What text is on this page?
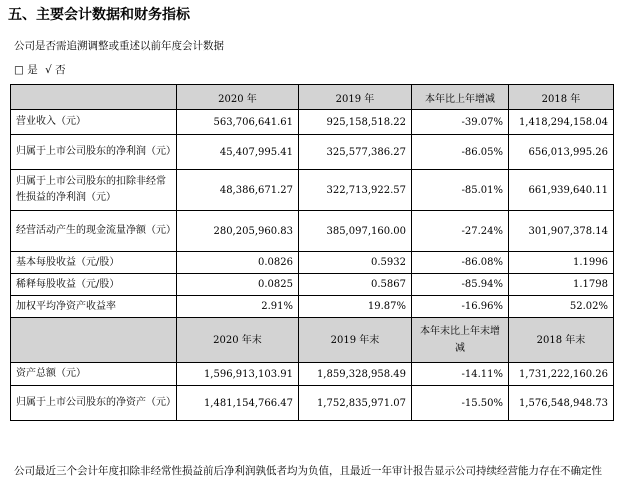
五、主要会计数据和财务指标
公司是否需追溯调整或重述以前年度会计数据
□ 是 √ 否
	2020 年	2019 年	本年比上年增减	2018 年
营业收入（元）	563,706,641.61	925,158,518.22	-39.07%	1,418,294,158.04
归属于上市公司股东的净利润（元）	45,407,995.41	325,577,386.27	-86.05%	656,013,995.26
归属于上市公司股东的扣除非经常性损益的净利润（元）	48,386,671.27	322,713,922.57	-85.01%	661,939,640.11
经营活动产生的现金流量净额（元）	280,205,960.83	385,097,160.00	-27.24%	301,907,378.14
基本每股收益（元/股）	0.0826	0.5932	-86.08%	1.1996
稀释每股收益（元/股）	0.0825	0.5867	-85.94%	1.1798
加权平均净资产收益率	2.91%	19.87%	-16.96%	52.02%
	2020 年末	2019 年末	本年末比上年末增减	2018 年末
资产总额（元）	1,596,913,103.91	1,859,328,958.49	-14.11%	1,731,222,160.26
归属于上市公司股东的净资产（元）	1,481,154,766.47	1,752,835,971.07	-15.50%	1,576,548,948.73
公司最近三个会计年度扣除非经常性损益前后净利润孰低者均为负值，且最近一年审计报告显示公司持续经营能力存在不确定性
